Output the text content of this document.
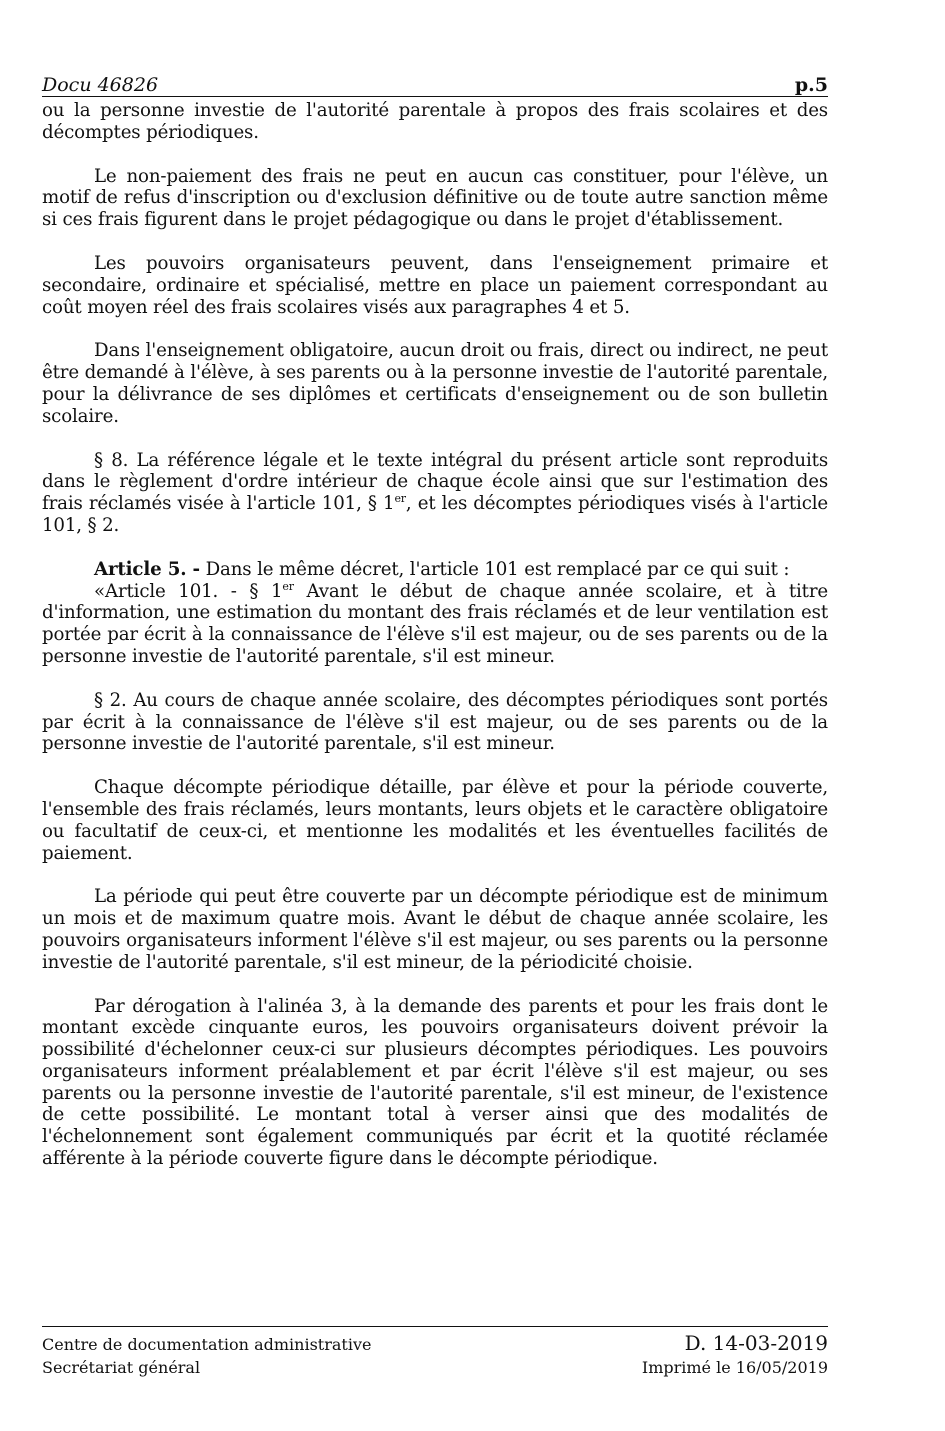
Docu 46826	p.5

ou la personne investie de l'autorité parentale à propos des frais scolaires et des décomptes périodiques.

Le non-paiement des frais ne peut en aucun cas constituer, pour l'élève, un motif de refus d'inscription ou d'exclusion définitive ou de toute autre sanction même si ces frais figurent dans le projet pédagogique ou dans le projet d'établissement.

Les pouvoirs organisateurs peuvent, dans l'enseignement primaire et secondaire, ordinaire et spécialisé, mettre en place un paiement correspondant au coût moyen réel des frais scolaires visés aux paragraphes 4 et 5.

Dans l'enseignement obligatoire, aucun droit ou frais, direct ou indirect, ne peut être demandé à l'élève, à ses parents ou à la personne investie de l'autorité parentale, pour la délivrance de ses diplômes et certificats d'enseignement ou de son bulletin scolaire.

§ 8. La référence légale et le texte intégral du présent article sont reproduits dans le règlement d'ordre intérieur de chaque école ainsi que sur l'estimation des frais réclamés visée à l'article 101, § 1er, et les décomptes périodiques visés à l'article 101, § 2.

Article 5. - Dans le même décret, l'article 101 est remplacé par ce qui suit :

«Article 101. - § 1er Avant le début de chaque année scolaire, et à titre d'information, une estimation du montant des frais réclamés et de leur ventilation est portée par écrit à la connaissance de l'élève s'il est majeur, ou de ses parents ou de la personne investie de l'autorité parentale, s'il est mineur.

§ 2. Au cours de chaque année scolaire, des décomptes périodiques sont portés par écrit à la connaissance de l'élève s'il est majeur, ou de ses parents ou de la personne investie de l'autorité parentale, s'il est mineur.

Chaque décompte périodique détaille, par élève et pour la période couverte, l'ensemble des frais réclamés, leurs montants, leurs objets et le caractère obligatoire ou facultatif de ceux-ci, et mentionne les modalités et les éventuelles facilités de paiement.

La période qui peut être couverte par un décompte périodique est de minimum un mois et de maximum quatre mois. Avant le début de chaque année scolaire, les pouvoirs organisateurs informent l'élève s'il est majeur, ou ses parents ou la personne investie de l'autorité parentale, s'il est mineur, de la périodicité choisie.

Par dérogation à l'alinéa 3, à la demande des parents et pour les frais dont le montant excède cinquante euros, les pouvoirs organisateurs doivent prévoir la possibilité d'échelonner ceux-ci sur plusieurs décomptes périodiques. Les pouvoirs organisateurs informent préalablement et par écrit l'élève s'il est majeur, ou ses parents ou la personne investie de l'autorité parentale, s'il est mineur, de l'existence de cette possibilité. Le montant total à verser ainsi que des modalités de l'échelonnement sont également communiqués par écrit et la quotité réclamée afférente à la période couverte figure dans le décompte périodique.

Centre de documentation administrative
Secrétariat général
D. 14-03-2019
Imprimé le 16/05/2019
